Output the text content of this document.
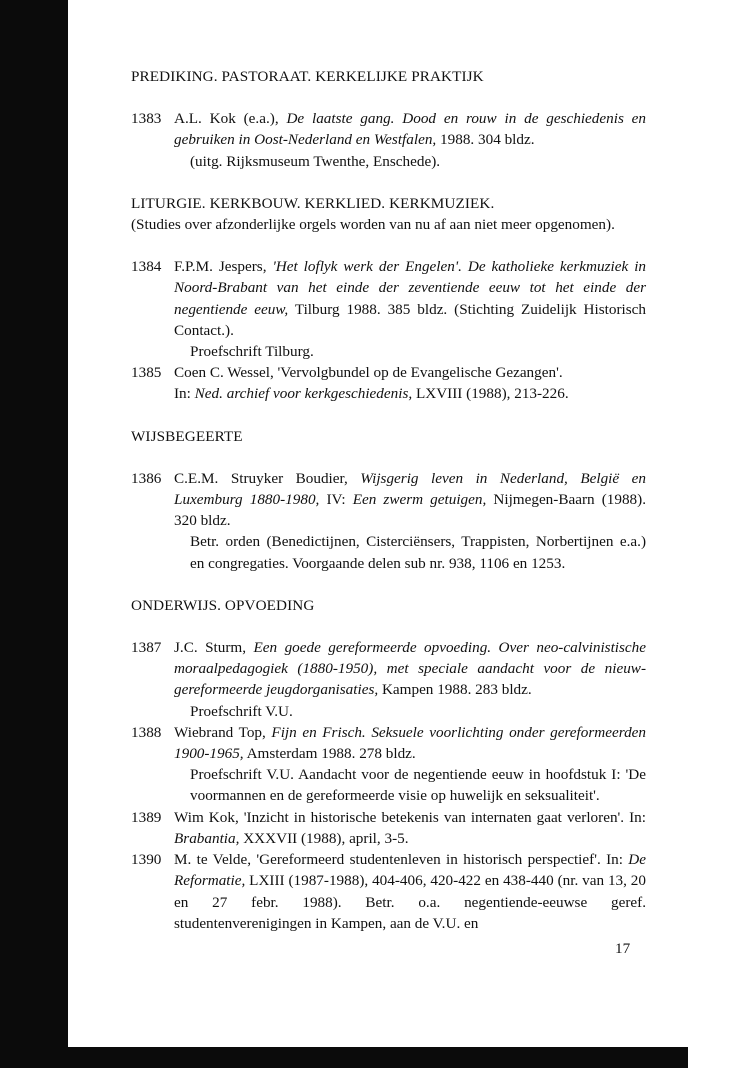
PREDIKING. PASTORAAT. KERKELIJKE PRAKTIJK
1383 A.L. Kok (e.a.), De laatste gang. Dood en rouw in de geschiedenis en gebruiken in Oost-Nederland en Westfalen, 1988. 304 bldz.
(uitg. Rijksmuseum Twenthe, Enschede).
LITURGIE. KERKBOUW. KERKLIED. KERKMUZIEK.
(Studies over afzonderlijke orgels worden van nu af aan niet meer opgenomen).
1384 F.P.M. Jespers, 'Het loflyk werk der Engelen'. De katholieke kerkmuziek in Noord-Brabant van het einde der zeventiende eeuw tot het einde der negentiende eeuw, Tilburg 1988. 385 bldz. (Stichting Zuidelijk Historisch Contact.).
Proefschrift Tilburg.
1385 Coen C. Wessel, 'Vervolgbundel op de Evangelische Gezangen'.
In: Ned. archief voor kerkgeschiedenis, LXVIII (1988), 213-226.
WIJSBEGEERTE
1386 C.E.M. Struyker Boudier, Wijsgerig leven in Nederland, België en Luxemburg 1880-1980, IV: Een zwerm getuigen, Nijmegen-Baarn (1988). 320 bldz.
Betr. orden (Benedictijnen, Cisterciënsers, Trappisten, Norbertijnen e.a.) en congregaties. Voorgaande delen sub nr. 938, 1106 en 1253.
ONDERWIJS. OPVOEDING
1387 J.C. Sturm, Een goede gereformeerde opvoeding. Over neo-calvinistische moraalpedagogiek (1880-1950), met speciale aandacht voor de nieuw-gereformeerde jeugdorganisaties, Kampen 1988. 283 bldz.
Proefschrift V.U.
1388 Wiebrand Top, Fijn en Frisch. Seksuele voorlichting onder gereformeerden 1900-1965, Amsterdam 1988. 278 bldz.
Proefschrift V.U. Aandacht voor de negentiende eeuw in hoofdstuk I: 'De voormannen en de gereformeerde visie op huwelijk en seksualiteit'.
1389 Wim Kok, 'Inzicht in historische betekenis van internaten gaat verloren'. In: Brabantia, XXXVII (1988), april, 3-5.
1390 M. te Velde, 'Gereformeerd studentenleven in historisch perspectief'. In: De Reformatie, LXIII (1987-1988), 404-406, 420-422 en 438-440 (nr. van 13, 20 en 27 febr. 1988). Betr. o.a. negentiende-eeuwse geref. studentenverenigingen in Kampen, aan de V.U. en
17
